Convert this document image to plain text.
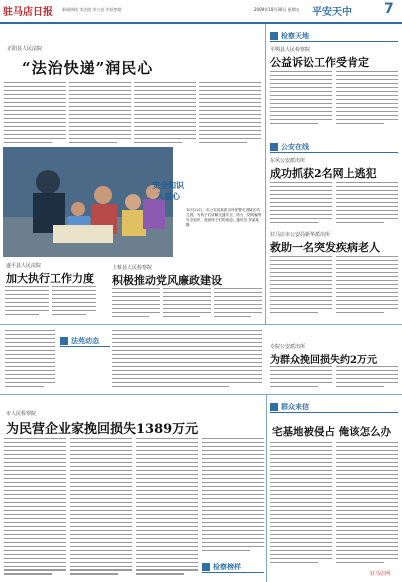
驻马店日报 新闻热线 市法院 市公安 市检察院	2009年10月30日 星期五 平安天中 7
正阳县人民法院
“法治快递”润民心
安全知识
入童心
10月22日，市公安局某派出所民警走进辖区幼儿园，为孩子们讲解交通安全、防火、防拐骗等安全知识，受到孩子们的欢迎。通讯员 李某某 摄
检察天地
平舆县人民检察院
公益诉讼工作受肯定
公安在线
东风公安派出所
成功抓获2名网上逃犯
驻马店市公安局新华派出所
救助一名突发疾病老人
遂平县人民法院
加大执行工作力度
上蔡县人民检察院
积极推动党风廉政建设
法苑动态
专院公安派出所
为群众挽回损失约2万元
市人民检察院
为民营企业家挽回损失1389万元
检察榜样
群众来信
宅基地被侵占 俺该怎么办
驻马店网
